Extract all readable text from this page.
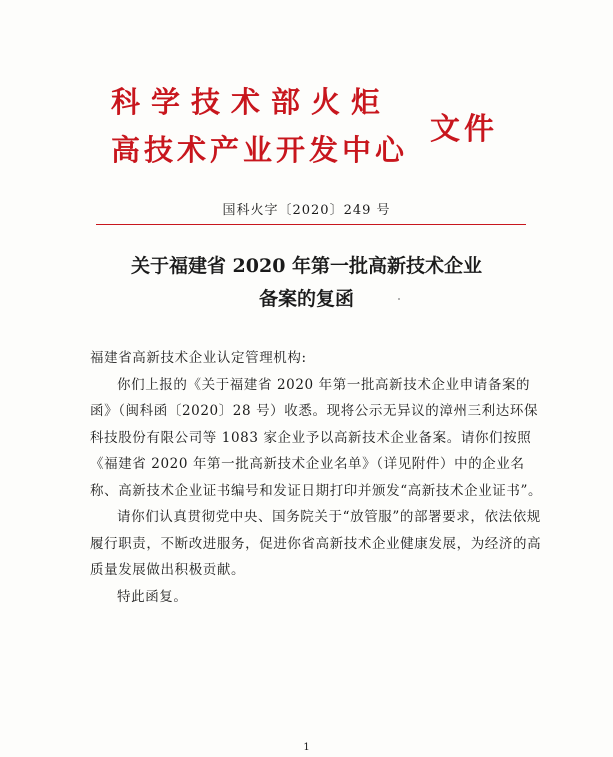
科学技术部火炬
高技术产业开发中心
文件
国科火字〔2020〕249 号
关于福建省 2020 年第一批高新技术企业
备案的复函

福建省高新技术企业认定管理机构:

你们上报的《关于福建省 2020 年第一批高新技术企业申请备案的函》（闽科函〔2020〕28 号）收悉。现将公示无异议的漳州三利达环保科技股份有限公司等 1083 家企业予以高新技术企业备案。请你们按照《福建省 2020 年第一批高新技术企业名单》（详见附件）中的企业名称、高新技术企业证书编号和发证日期打印并颁发“高新技术企业证书”。

请你们认真贯彻党中央、国务院关于“放管服”的部署要求，依法依规履行职责，不断改进服务，促进你省高新技术企业健康发展，为经济的高质量发展做出积极贡献。

特此函复。

1
